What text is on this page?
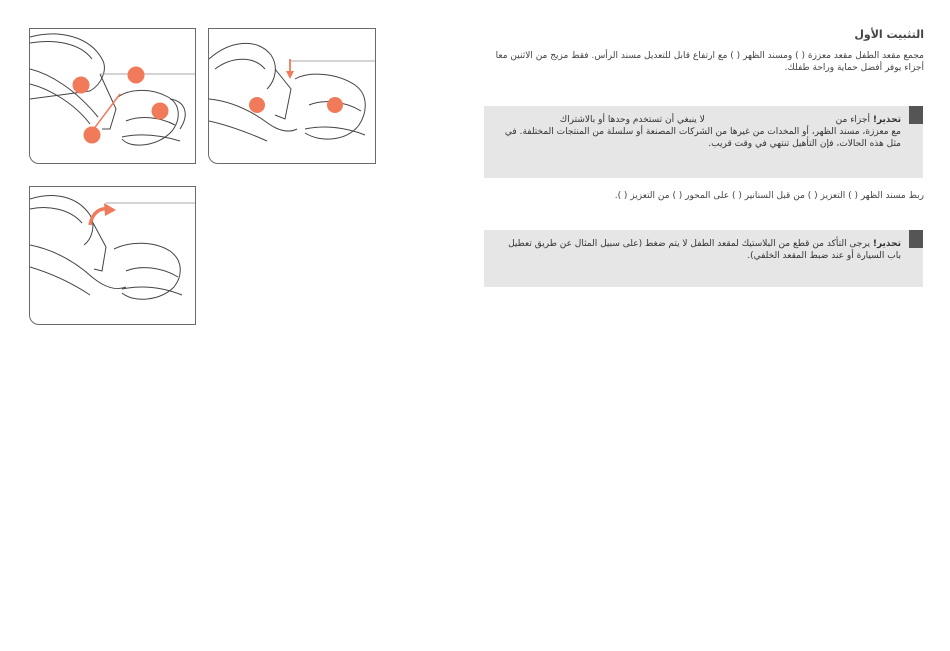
التثبيت الأول
مجمع مقعد الطفل مقعد معززة ( ) ومسند الظهر ( ) مع ارتفاع قابل للتعديل مسند الرأس. فقط مزيج من الاثنين معا أجزاء يوفر أفضل حماية وراحة طفلك.
تحذير! أجزاء من لا ينبغي أن تستخدم وحدها أو بالاشتراك
مع معززة، مسند الظهر، أو المخدات من غيرها من الشركات المصنعة أو سلسلة من المنتجات المختلفة. في مثل هذه الحالات، فإن التأهيل تنتهي في وقت قريب.
ربط مسند الظهر ( ) التعزيز ( ) من قبل السنانير ( ) على المحور ( ) من التعزيز ( ).
تحذير! يرجى التأكد من قطع من البلاستيك لمقعد الطفل لا يتم ضغط (على سبيل المثال عن طريق تعطيل باب السيارة أو عند ضبط المقعد الخلفي).
